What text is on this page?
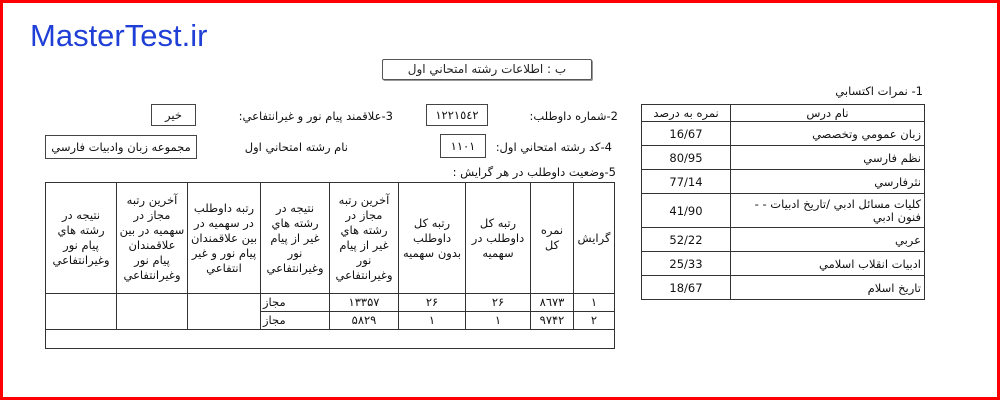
MasterTest.ir
ب : اطلاعات رشته امتحاني اول
1- نمرات اكتسابي
نام درس	نمره به درصد
زبان عمومي وتخصصي	16/67
نظم فارسي	80/95
نثرفارسي	77/14
كليات مسائل ادبي /تاريخ ادبيات - - فنون ادبي	41/90
عربي	52/22
ادبيات انقلاب اسلامي	25/33
تاريخ اسلام	18/67
2-شماره داوطلب:
١٢٢١٥٤٢
3-علاقمند پيام نور و غيرانتفاعي:
خير
4-كد رشته امتحاني اول:
١١٠١
نام رشته امتحاني اول
مجموعه زبان وادبيات فارسي
5-وضعيت داوطلب در هر گرايش :
گرايش	نمره كل	رتبه كل داوطلب در سهميه	رتبه كل داوطلب بدون سهميه	آخرين رتبه مجاز در رشته هاي غير از پيام نور وغيرانتفاعي	نتيجه در رشته هاي غير از پيام نور وغيرانتفاعي	رتبه داوطلب در سهميه در بين علاقمندان پيام نور و غير انتفاعي	آخرين رتبه مجاز در سهميه در بين علاقمندان پيام نور وغيرانتفاعي	نتيجه در رشته هاي پيام نور وغيرانتفاعي
١	٨٦٧٣	٢۶	٢۶	١٣٣۵٧	مجاز			
٢	٩٧۴٢	١	١	۵٨٢٩	مجاز			
